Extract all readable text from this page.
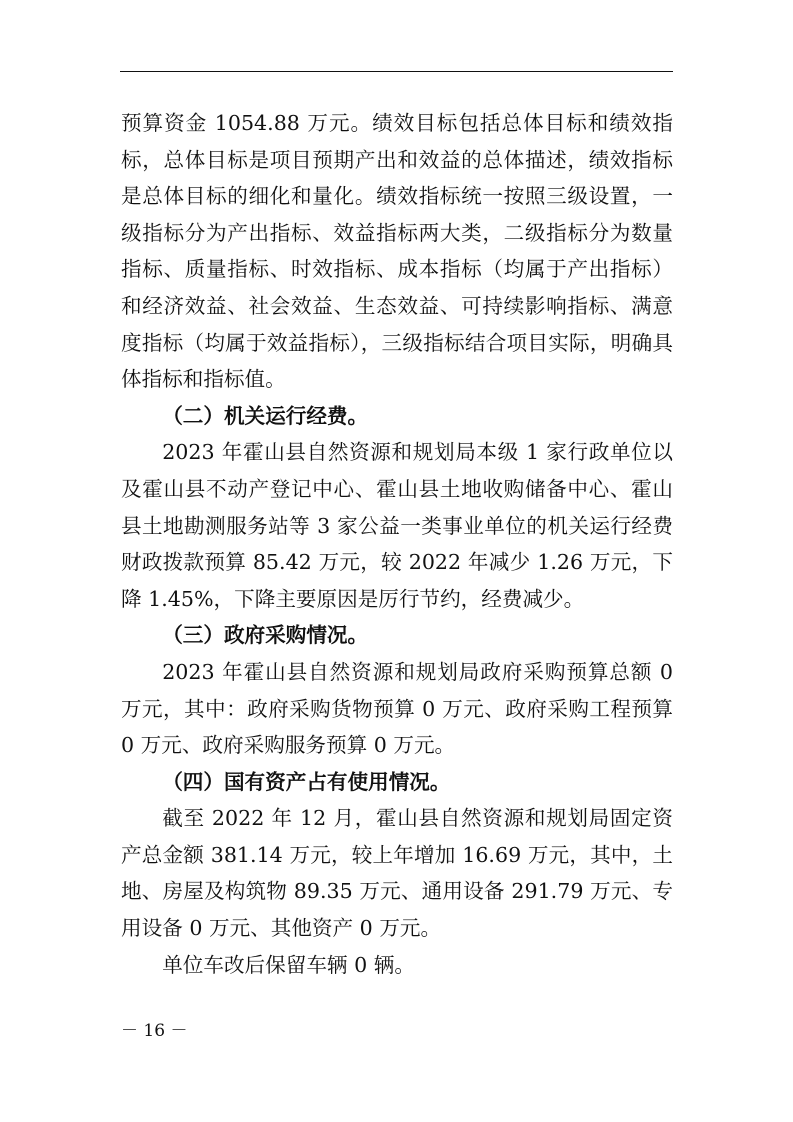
预算资金 1054.88 万元。绩效目标包括总体目标和绩效指标，总体目标是项目预期产出和效益的总体描述，绩效指标是总体目标的细化和量化。绩效指标统一按照三级设置，一级指标分为产出指标、效益指标两大类，二级指标分为数量指标、质量指标、时效指标、成本指标（均属于产出指标）和经济效益、社会效益、生态效益、可持续影响指标、满意度指标（均属于效益指标），三级指标结合项目实际，明确具体指标和指标值。

（二）机关运行经费。

2023 年霍山县自然资源和规划局本级 1 家行政单位以及霍山县不动产登记中心、霍山县土地收购储备中心、霍山县土地勘测服务站等 3 家公益一类事业单位的机关运行经费财政拨款预算 85.42 万元，较 2022 年减少 1.26 万元，下降 1.45%，下降主要原因是厉行节约，经费减少。

（三）政府采购情况。

2023 年霍山县自然资源和规划局政府采购预算总额 0 万元，其中：政府采购货物预算 0 万元、政府采购工程预算 0 万元、政府采购服务预算 0 万元。

（四）国有资产占有使用情况。

截至 2022 年 12 月，霍山县自然资源和规划局固定资产总金额 381.14 万元，较上年增加 16.69 万元，其中，土地、房屋及构筑物 89.35 万元、通用设备 291.79 万元、专用设备 0 万元、其他资产 0 万元。

单位车改后保留车辆 0 辆。

－ 16 －
